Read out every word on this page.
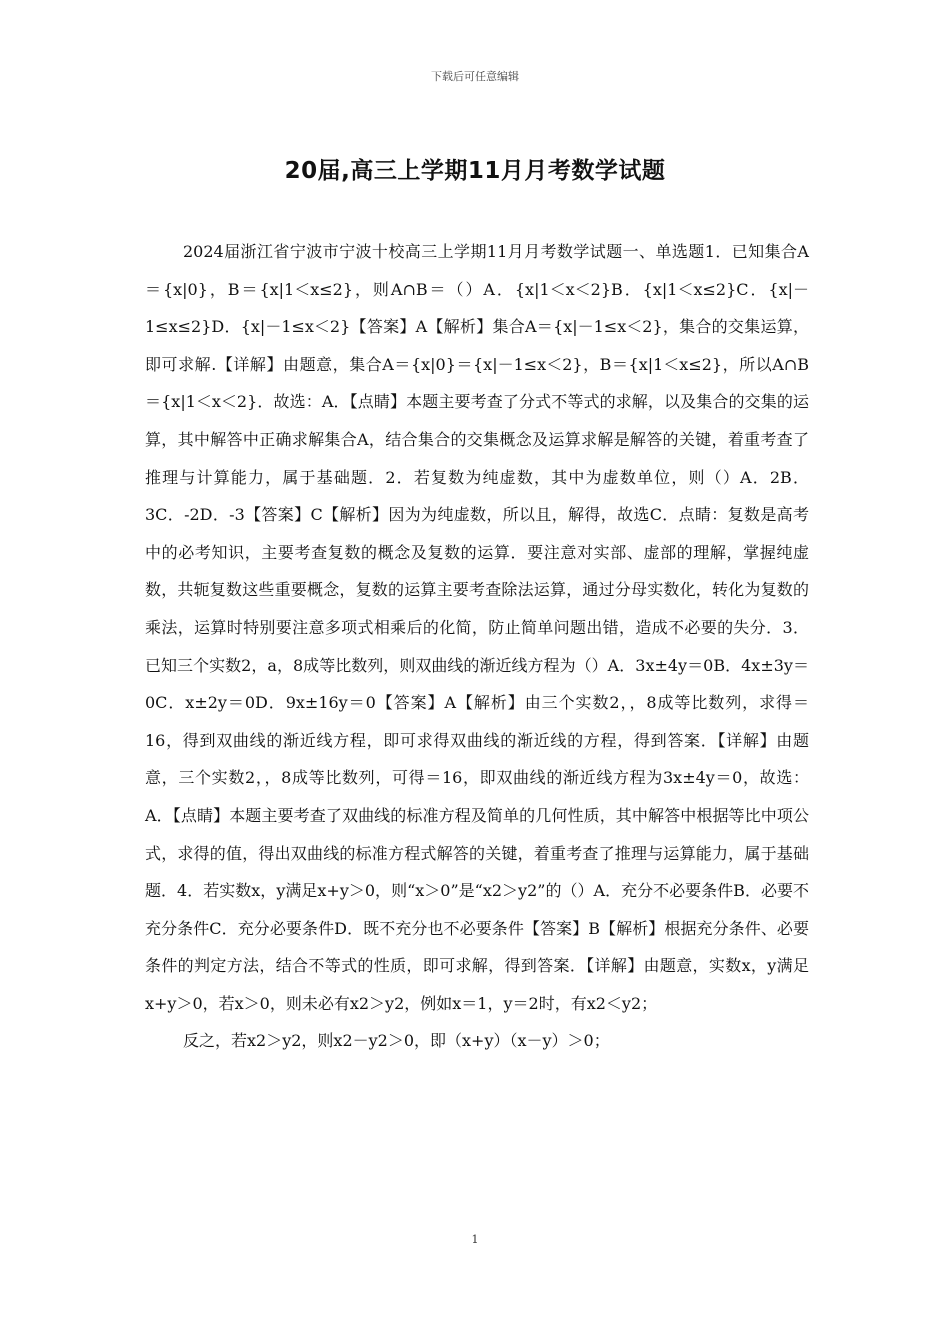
下载后可任意编辑
20届,高三上学期11月月考数学试题

2024届浙江省宁波市宁波十校高三上学期11月月考数学试题一、单选题1．已知集合A＝{x|0}，B＝{x|1＜x≤2}，则A∩B＝（）A．{x|1＜x＜2}B．{x|1＜x≤2}C．{x|－1≤x≤2}D．{x|－1≤x＜2}【答案】A【解析】集合A＝{x|－1≤x＜2}，集合的交集运算，即可求解.【详解】由题意，集合A＝{x|0}＝{x|－1≤x＜2}，B＝{x|1＜x≤2}，所以A∩B＝{x|1＜x＜2}．故选：A．【点睛】本题主要考查了分式不等式的求解，以及集合的交集的运算，其中解答中正确求解集合A，结合集合的交集概念及运算求解是解答的关键，着重考查了推理与计算能力，属于基础题．2．若复数为纯虚数，其中为虚数单位，则（）A．2B．3C．-2D．-3【答案】C【解析】因为为纯虚数，所以且，解得，故选C．点睛：复数是高考中的必考知识，主要考查复数的概念及复数的运算．要注意对实部、虚部的理解，掌握纯虚数，共轭复数这些重要概念，复数的运算主要考查除法运算，通过分母实数化，转化为复数的乘法，运算时特别要注意多项式相乘后的化简，防止简单问题出错，造成不必要的失分．3．已知三个实数2，a，8成等比数列，则双曲线的渐近线方程为（）A．3x±4y＝0B．4x±3y＝0C．x±2y＝0D．9x±16y＝0【答案】A【解析】由三个实数2，，8成等比数列，求得＝16，得到双曲线的渐近线方程，即可求得双曲线的渐近线的方程，得到答案．【详解】由题意，三个实数2，，8成等比数列，可得＝16，即双曲线的渐近线方程为3x±4y＝0，故选：A．【点睛】本题主要考查了双曲线的标准方程及简单的几何性质，其中解答中根据等比中项公式，求得的值，得出双曲线的标准方程式解答的关键，着重考查了推理与运算能力，属于基础题．4．若实数x，y满足x+y＞0，则“x＞0”是“x2＞y2”的（）A．充分不必要条件B．必要不充分条件C．充分必要条件D．既不充分也不必要条件【答案】B【解析】根据充分条件、必要条件的判定方法，结合不等式的性质，即可求解，得到答案．【详解】由题意，实数x，y满足x+y＞0，若x＞0，则未必有x2＞y2，例如x＝1，y＝2时，有x2＜y2；

反之，若x2＞y2，则x2－y2＞0，即（x+y）（x－y）＞0；

1
